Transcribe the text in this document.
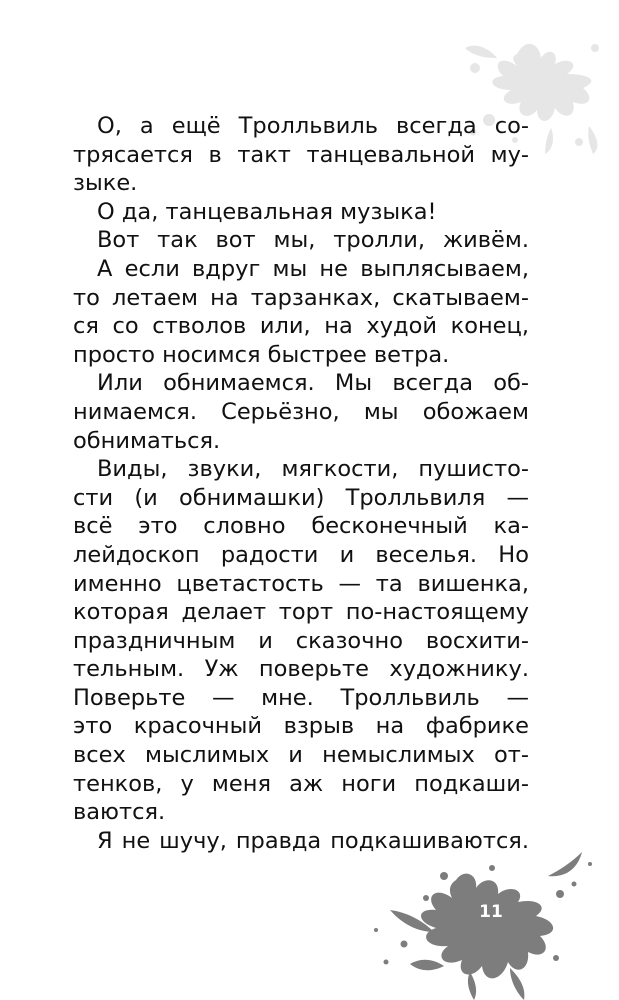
О, а ещё Тролльвиль всегда со-
трясается в такт танцевальной му-
зыке.
О да, танцевальная музыка!
Вот так вот мы, тролли, живём.
А если вдруг мы не выплясываем,
то летаем на тарзанках, скатываем-
ся со стволов или, на худой конец,
просто носимся быстрее ветра.
Или обнимаемся. Мы всегда об-
нимаемся. Серьёзно, мы обожаем
обниматься.
Виды, звуки, мягкости, пушисто-
сти (и обнимашки) Тролльвиля —
всё это словно бесконечный ка-
лейдоскоп радости и веселья. Но
именно цветастость — та вишенка,
которая делает торт по-настоящему
праздничным и сказочно восхити-
тельным. Уж поверьте художнику.
Поверьте — мне. Тролльвиль —
это красочный взрыв на фабрике
всех мыслимых и немыслимых от-
тенков, у меня аж ноги подкаши-
ваются.
Я не шучу, правда подкашиваются.
11
